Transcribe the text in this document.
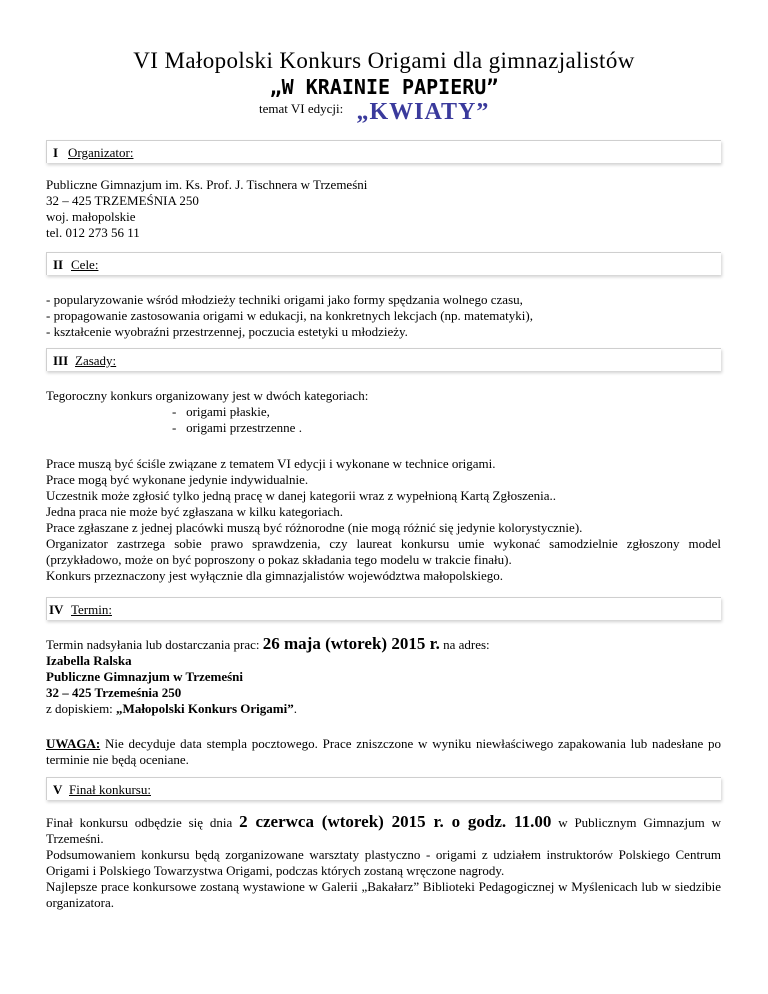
VI Małopolski Konkurs Origami dla gimnazjalistów
„W KRAINIE PAPIERU”
temat VI edycji: „KWIATY”
I Organizator:
Publiczne Gimnazjum im. Ks. Prof. J. Tischnera w Trzemeśni
32 – 425 TRZEMEŚNIA 250
woj. małopolskie
tel. 012 273 56 11
II Cele:
- popularyzowanie wśród młodzieży techniki origami jako formy spędzania wolnego czasu,
- propagowanie zastosowania origami w edukacji, na konkretnych lekcjach (np. matematyki),
- kształcenie wyobraźni przestrzennej, poczucia estetyki u młodzieży.
III Zasady:
Tegoroczny konkurs organizowany jest w dwóch kategoriach:
-   origami płaskie,
-   origami przestrzenne .
Prace muszą być ściśle związane z tematem VI edycji i wykonane w technice origami.
Prace mogą być wykonane jedynie indywidualnie.
Uczestnik może zgłosić tylko jedną pracę w danej kategorii wraz z wypełnioną Kartą Zgłoszenia..
Jedna praca nie może być zgłaszana w kilku kategoriach.
Prace zgłaszane z jednej placówki muszą być różnorodne (nie mogą różnić się jedynie kolorystycznie).
Organizator zastrzega sobie prawo sprawdzenia, czy laureat konkursu umie wykonać samodzielnie zgłoszony model (przykładowo, może on być poproszony o pokaz składania tego modelu w trakcie finału).
Konkurs przeznaczony jest wyłącznie dla gimnazjalistów województwa małopolskiego.
IV Termin:
Termin nadsyłania lub dostarczania prac: 26 maja (wtorek) 2015 r. na adres:
Izabella Ralska
Publiczne Gimnazjum w Trzemeśni
32 – 425 Trzemeśnia 250
z dopiskiem: „Małopolski Konkurs Origami”.
UWAGA: Nie decyduje data stempla pocztowego. Prace zniszczone w wyniku niewłaściwego zapakowania lub nadesłane po terminie nie będą oceniane.
V Finał konkursu:
Finał konkursu odbędzie się dnia 2 czerwca (wtorek) 2015 r. o godz. 11.00 w Publicznym Gimnazjum w Trzemeśni.
Podsumowaniem konkursu będą zorganizowane warsztaty plastyczno - origami z udziałem instruktorów Polskiego Centrum Origami i Polskiego Towarzystwa Origami, podczas których zostaną wręczone nagrody.
Najlepsze prace konkursowe zostaną wystawione w Galerii „Bakałarz” Biblioteki Pedagogicznej w Myślenicach lub w siedzibie organizatora.
